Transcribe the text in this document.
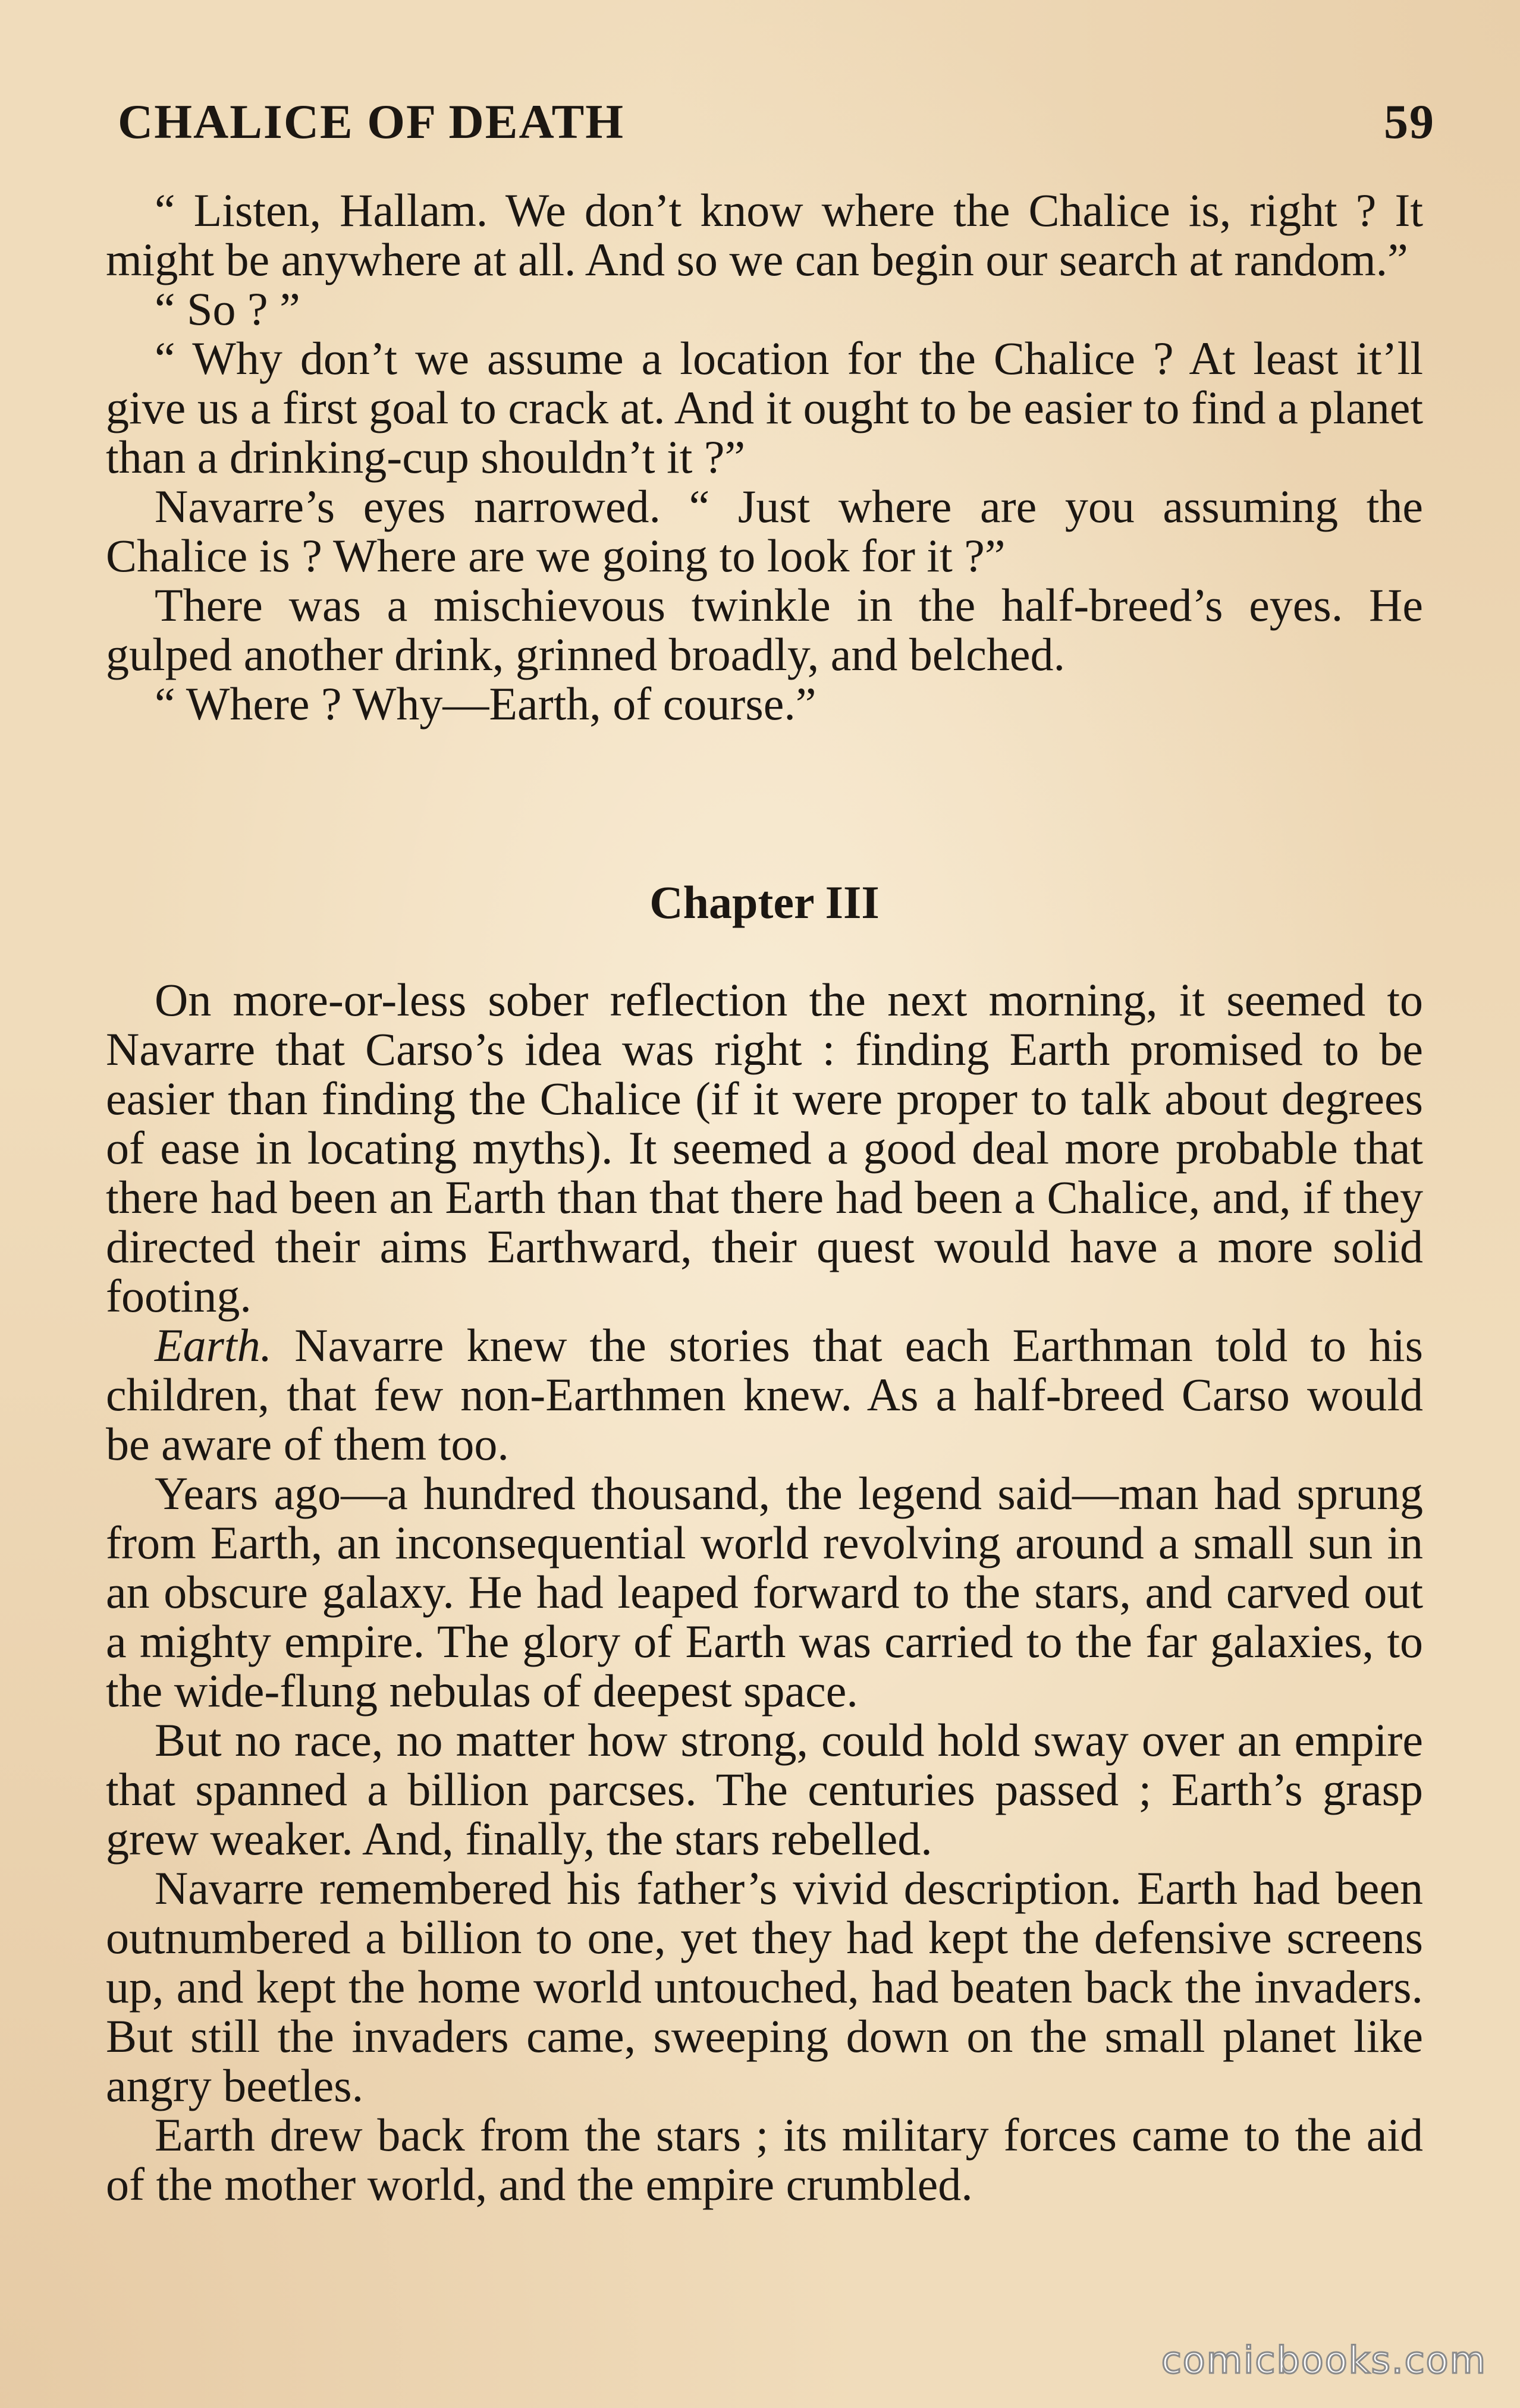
CHALICE OF DEATH	59

“ Listen, Hallam. We don’t know where the Chalice is, right ? It might be anywhere at all. And so we can begin our search at random.”

“ So ? ”

“ Why don’t we assume a location for the Chalice ? At least it’ll give us a first goal to crack at. And it ought to be easier to find a planet than a drinking-cup shouldn’t it ?”

Navarre’s eyes narrowed. “ Just where are you assuming the Chalice is ? Where are we going to look for it ?”

There was a mischievous twinkle in the half-breed’s eyes. He gulped another drink, grinned broadly, and belched.

“ Where ? Why—Earth, of course.”

Chapter III

On more-or-less sober reflection the next morning, it seemed to Navarre that Carso’s idea was right : finding Earth promised to be easier than finding the Chalice (if it were proper to talk about degrees of ease in locating myths). It seemed a good deal more probable that there had been an Earth than that there had been a Chalice, and, if they directed their aims Earthward, their quest would have a more solid footing.

Earth. Navarre knew the stories that each Earthman told to his children, that few non-Earthmen knew. As a half-breed Carso would be aware of them too.

Years ago—a hundred thousand, the legend said—man had sprung from Earth, an inconsequential world revolving around a small sun in an obscure galaxy. He had leaped forward to the stars, and carved out a mighty empire. The glory of Earth was carried to the far galaxies, to the wide-flung nebulas of deepest space.

But no race, no matter how strong, could hold sway over an empire that spanned a billion parcses. The centuries passed ; Earth’s grasp grew weaker. And, finally, the stars rebelled.

Navarre remembered his father’s vivid description. Earth had been outnumbered a billion to one, yet they had kept the defensive screens up, and kept the home world untouched, had beaten back the invaders. But still the invaders came, sweeping down on the small planet like angry beetles.

Earth drew back from the stars ; its military forces came to the aid of the mother world, and the empire crumbled.

comicbooks.com
